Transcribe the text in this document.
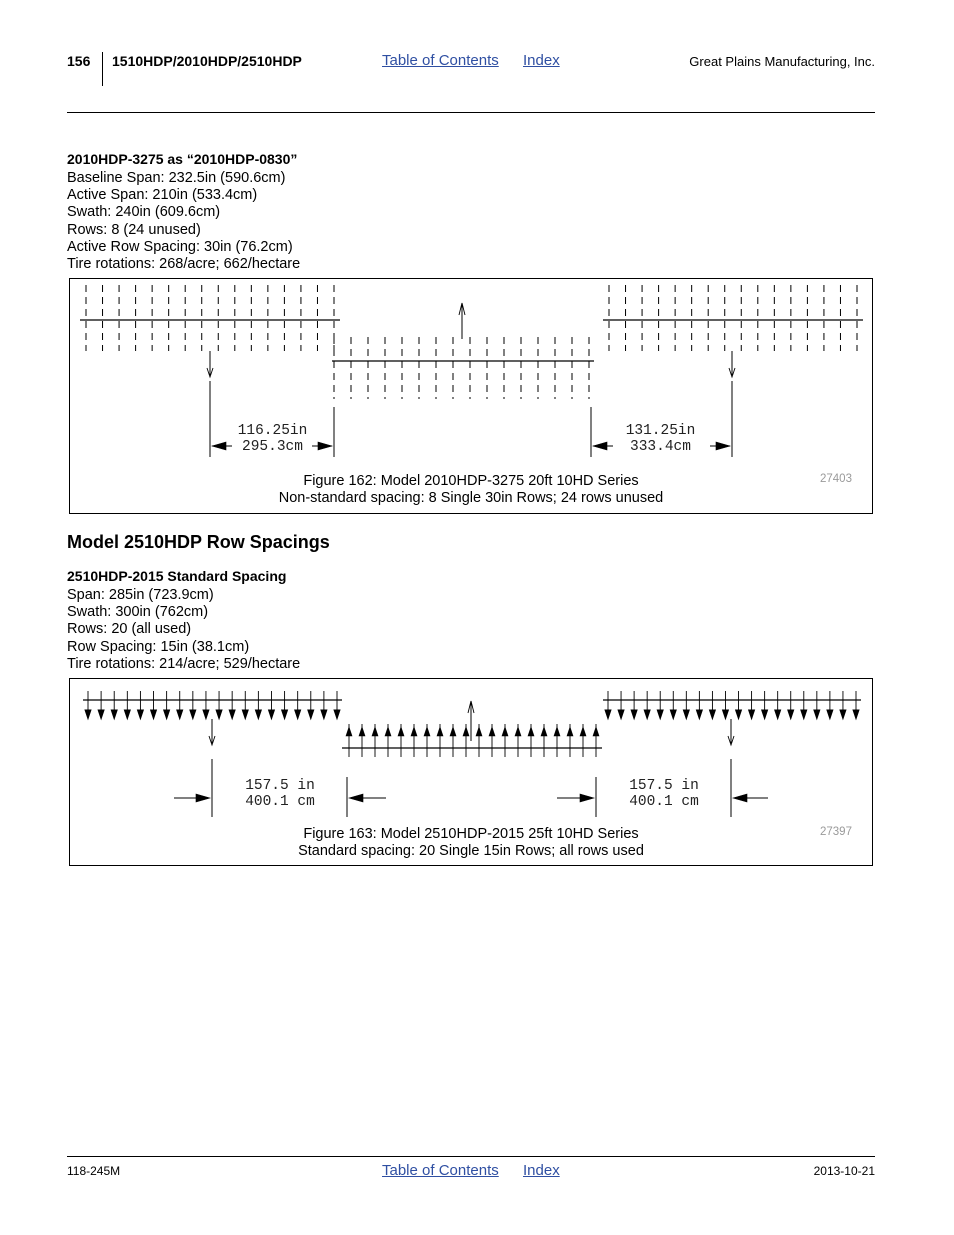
156 1510HDP/2010HDP/2510HDP	Table of Contents Index	Great Plains Manufacturing, Inc.
2010HDP-3275 as “2010HDP-0830”
Baseline Span: 232.5in (590.6cm)
Active Span: 210in (533.4cm)
Swath: 240in (609.6cm)
Rows: 8 (24 unused)
Active Row Spacing: 30in (76.2cm)
Tire rotations: 268/acre; 662/hectare
116.25in
295.3cm
131.25in
333.4cm
Figure 162: Model 2010HDP-3275 20ft 10HD Series
Non-standard spacing: 8 Single 30in Rows; 24 rows unused
27403
Model 2510HDP Row Spacings
2510HDP-2015 Standard Spacing
Span: 285in (723.9cm)
Swath: 300in (762cm)
Rows: 20 (all used)
Row Spacing: 15in (38.1cm)
Tire rotations: 214/acre; 529/hectare
157.5 in
400.1 cm
157.5 in
400.1 cm
Figure 163: Model 2510HDP-2015 25ft 10HD Series
Standard spacing: 20 Single 15in Rows; all rows used
27397
118-245M	Table of Contents Index	2013-10-21
